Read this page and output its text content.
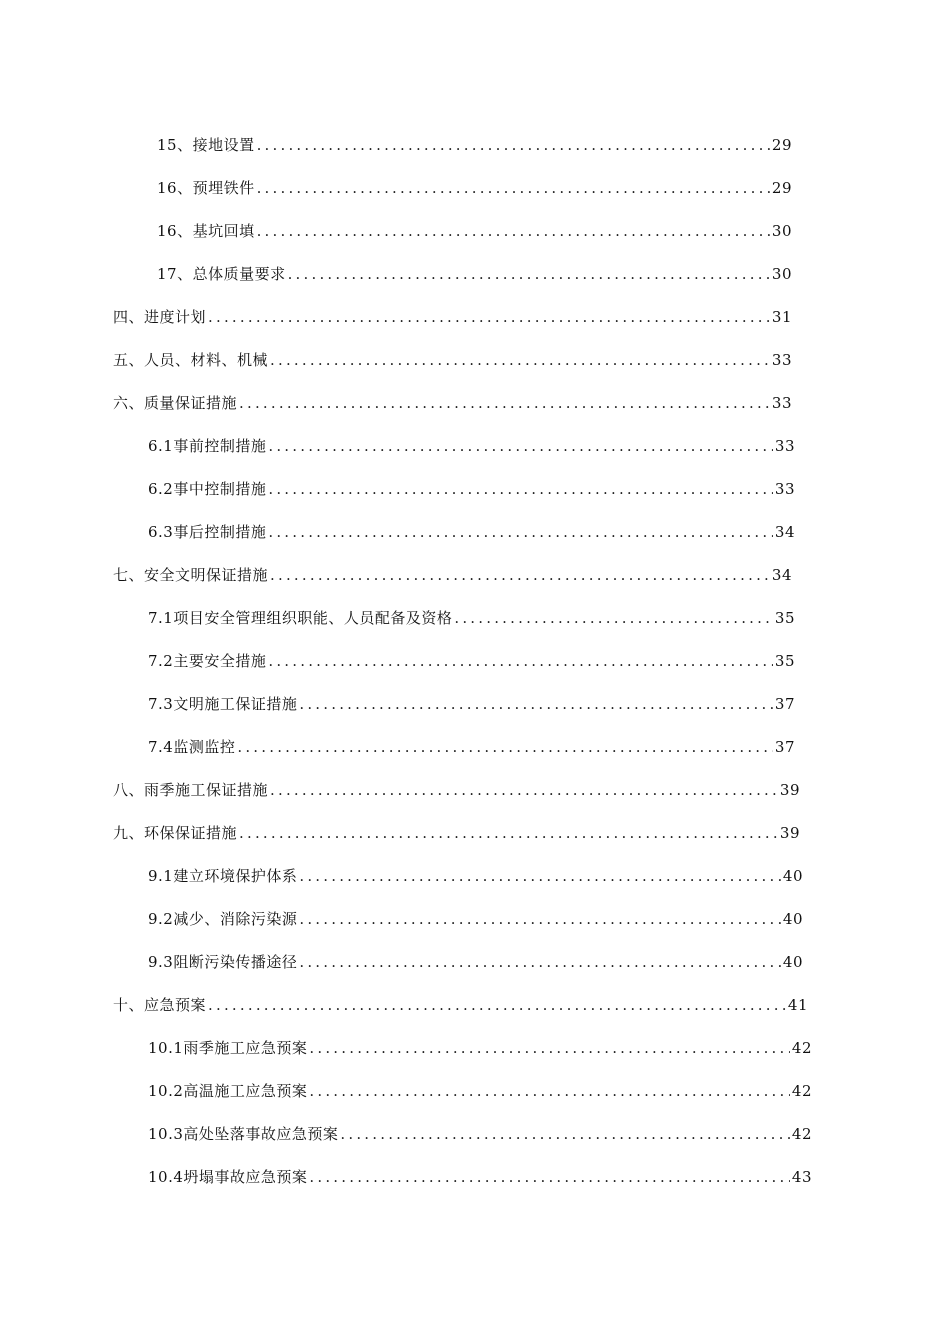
15、接地设置 .....	29
16、预埋铁件 .....	29
16、基坑回填 .....	30
17、总体质量要求 .....	30
四、进度计划 .....	31
五、人员、材料、机械 .....	33
六、质量保证措施 .....	33
6.1事前控制措施 .....	33
6.2事中控制措施 .....	33
6.3事后控制措施 .....	34
七、安全文明保证措施 .....	34
7.1项目安全管理组织职能、人员配备及资格 .....	35
7.2主要安全措施 .....	35
7.3文明施工保证措施 .....	37
7.4监测监控 .....	37
八、雨季施工保证措施 .....	39
九、环保保证措施 .....	39
9.1建立环境保护体系 .....	40
9.2减少、消除污染源 .....	40
9.3阻断污染传播途径 .....	40
十、应急预案 .....	41
10.1雨季施工应急预案 .....	42
10.2高温施工应急预案 .....	42
10.3高处坠落事故应急预案 .....	42
10.4坍塌事故应急预案 .....	43
